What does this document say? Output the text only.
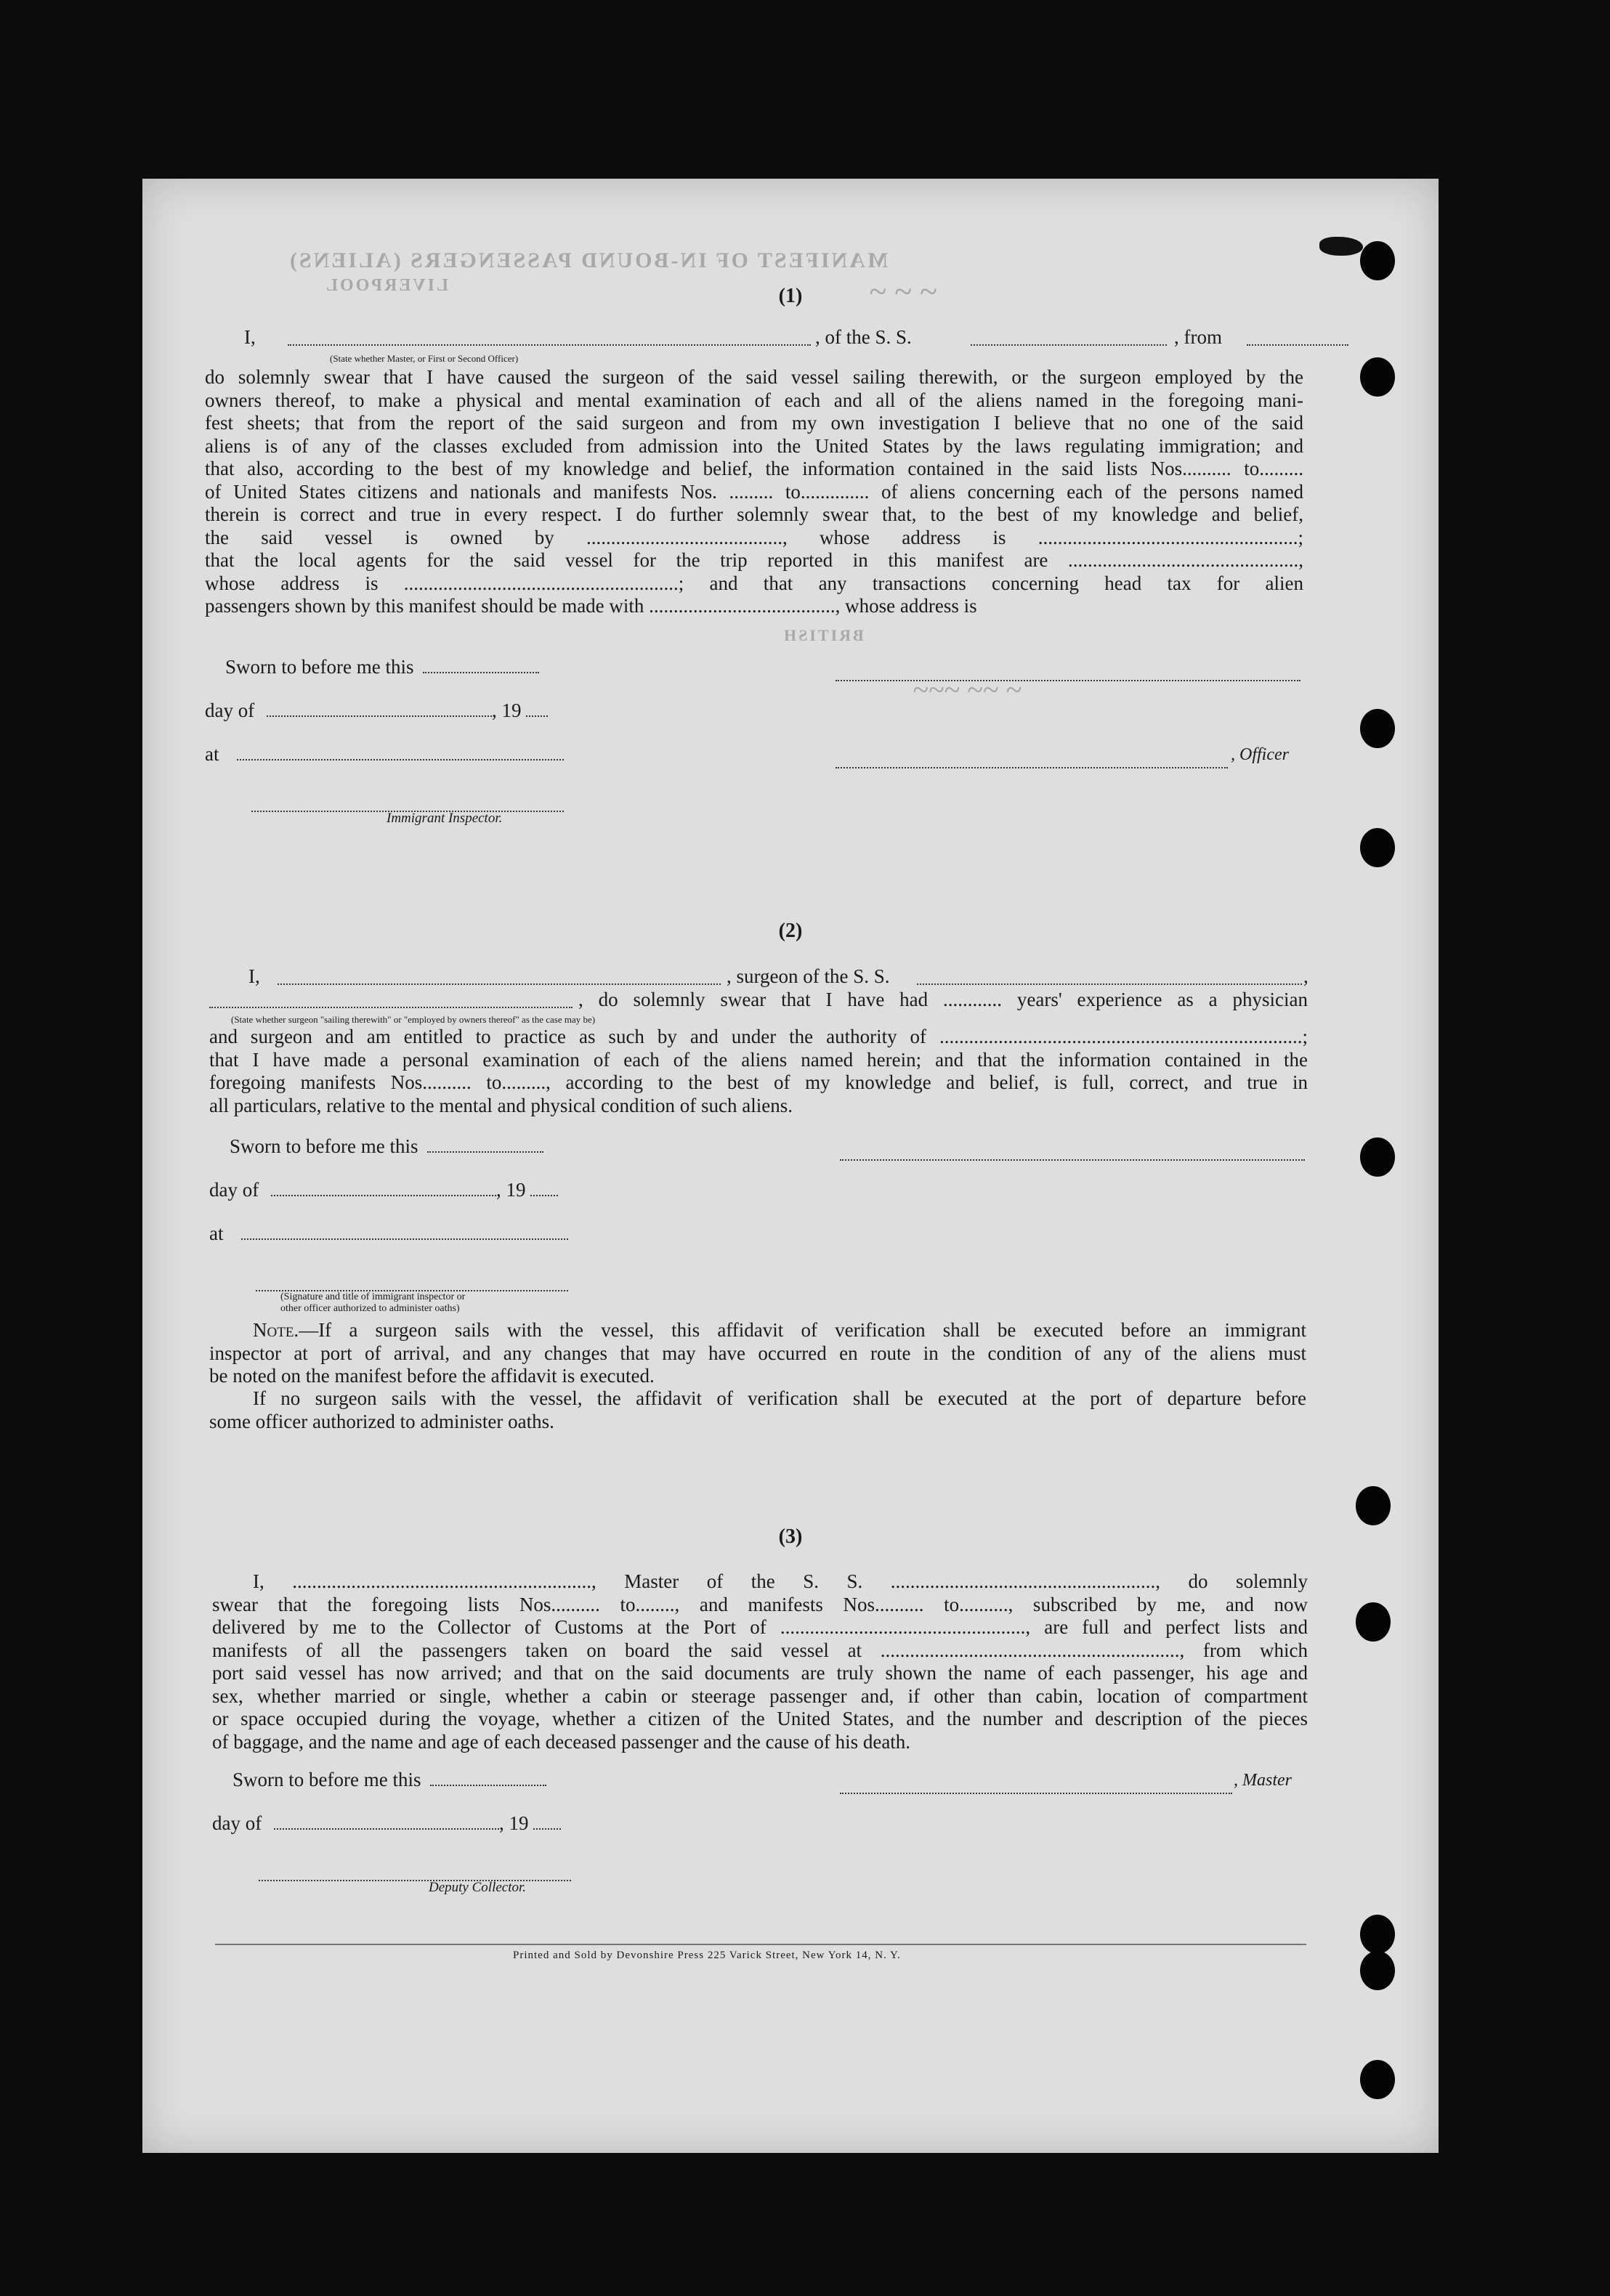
MANIFEST OF IN-BOUND PASSENGERS (ALIENS)
LIVERPOOL	~ ~ ~
(1)
I,	, of the S. S.	, from
(State whether Master, or First or Second Officer)
do solemnly swear that I have caused the surgeon of the said vessel sailing therewith, or the surgeon employed by the
owners thereof, to make a physical and mental examination of each and all of the aliens named in the foregoing mani-
fest sheets; that from the report of the said surgeon and from my own investigation I believe that no one of the said
aliens is of any of the classes excluded from admission into the United States by the laws regulating immigration; and
that also, according to the best of my knowledge and belief, the information contained in the said lists Nos.......... to.........
of United States citizens and nationals and manifests Nos. ......... to.............. of aliens concerning each of the persons named
therein is correct and true in every respect. I do further solemnly swear that, to the best of my knowledge and belief,
the said vessel is owned by ........................................, whose address is .....................................................;
that the local agents for the said vessel for the trip reported in this manifest are ...............................................,
whose address is ........................................................; and that any transactions concerning head tax for alien
passengers shown by this manifest should be made with ......................................, whose address is
BRITISH
~~~ ~~ ~
Sworn to before me this
day of	, 19
at	, Officer
Immigrant Inspector.
(2)
I,	, surgeon of the S. S.	,
, do solemnly swear that I have had ............ years' experience as a physician
(State whether surgeon "sailing therewith" or "employed by owners thereof" as the case may be)
and surgeon and am entitled to practice as such by and under the authority of ..........................................................................;
that I have made a personal examination of each of the aliens named herein; and that the information contained in the
foregoing manifests Nos.......... to........., according to the best of my knowledge and belief, is full, correct, and true in
all particulars, relative to the mental and physical condition of such aliens.
Sworn to before me this
day of	, 19
at
(Signature and title of immigrant inspector or
other officer authorized to administer oaths)
Note.—If a surgeon sails with the vessel, this affidavit of verification shall be executed before an immigrant
inspector at port of arrival, and any changes that may have occurred en route in the condition of any of the aliens must
be noted on the manifest before the affidavit is executed.
If no surgeon sails with the vessel, the affidavit of verification shall be executed at the port of departure before
some officer authorized to administer oaths.
(3)
I, ............................................................., Master of the S. S. ......................................................, do solemnly
swear that the foregoing lists Nos.......... to........, and manifests Nos.......... to.........., subscribed by me, and now
delivered by me to the Collector of Customs at the Port of .................................................., are full and perfect lists and
manifests of all the passengers taken on board the said vessel at ............................................................., from which
port said vessel has now arrived; and that on the said documents are truly shown the name of each passenger, his age and
sex, whether married or single, whether a cabin or steerage passenger and, if other than cabin, location of compartment
or space occupied during the voyage, whether a citizen of the United States, and the number and description of the pieces
of baggage, and the name and age of each deceased passenger and the cause of his death.
Sworn to before me this	, Master
day of	, 19
Deputy Collector.
Printed and Sold by Devonshire Press 225 Varick Street, New York 14, N. Y.
